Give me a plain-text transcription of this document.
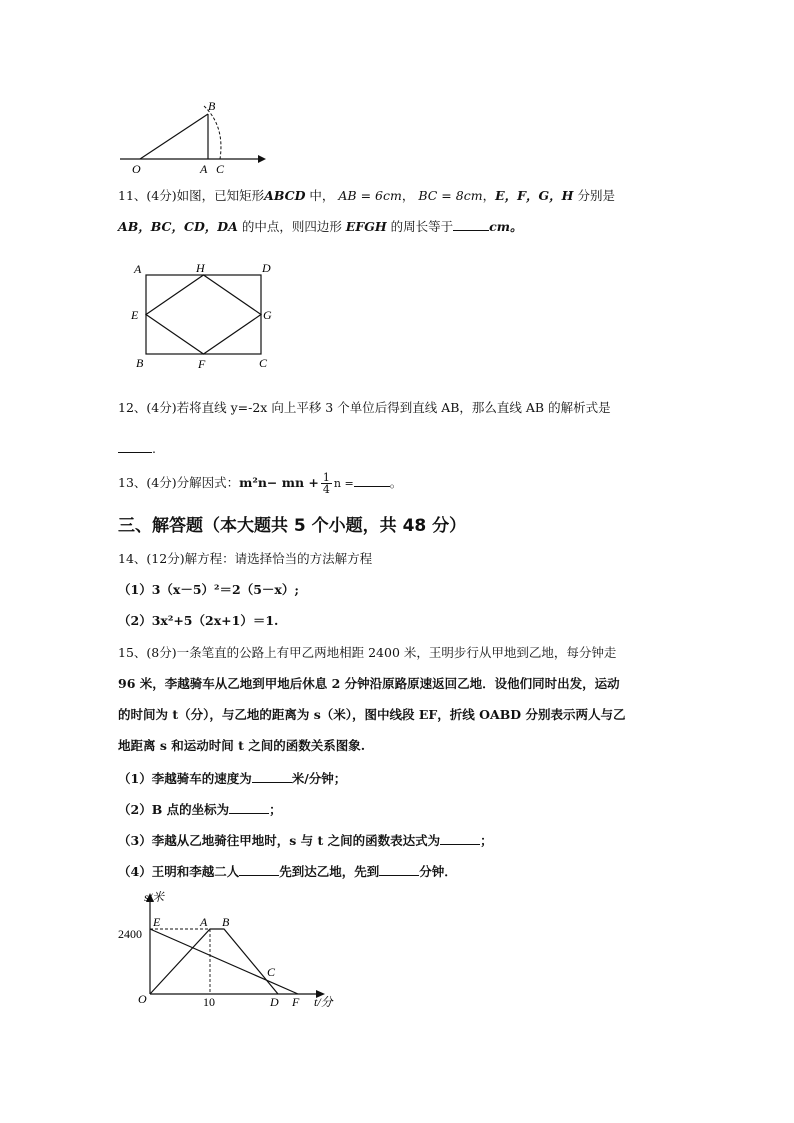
B
O	A C
11、(4分)如图，已知矩形ABCD 中， AB = 6cm， BC = 8cm，E，F，G，H 分别是
AB，BC，CD，DA 的中点，则四边形 EFGH 的周长等于	cm。
A	H	D
E	G
B	F	C
12、(4分)若将直线 y=-2x 向上平移 3 个单位后得到直线 AB，那么直线 AB 的解析式是
.
13、(4分)分解因式：m²n− mn + $\frac{1}{4}$ n =	。
三、解答题（本大题共 5 个小题，共 48 分）
14、(12分)解方程：请选择恰当的方法解方程
（1）3（x－5）²＝2（5－x）;
（2）3x²+5（2x+1）＝1.
15、(8分)一条笔直的公路上有甲乙两地相距 2400 米，王明步行从甲地到乙地，每分钟走
96 米，李越骑车从乙地到甲地后休息 2 分钟沿原路原速返回乙地．设他们同时出发，运动
的时间为 t（分），与乙地的距离为 s（米），图中线段 EF，折线 OABD 分别表示两人与乙
地距离 s 和运动时间 t 之间的函数关系图象.
（1）李越骑车的速度为	米/分钟；
（2）B 点的坐标为	；
（3）李越从乙地骑往甲地时，s 与 t 之间的函数表达式为	；
（4）王明和李越二人	先到达乙地，先到	分钟．
s/米
t/分
2400
10
E	A B
C
O	D F
